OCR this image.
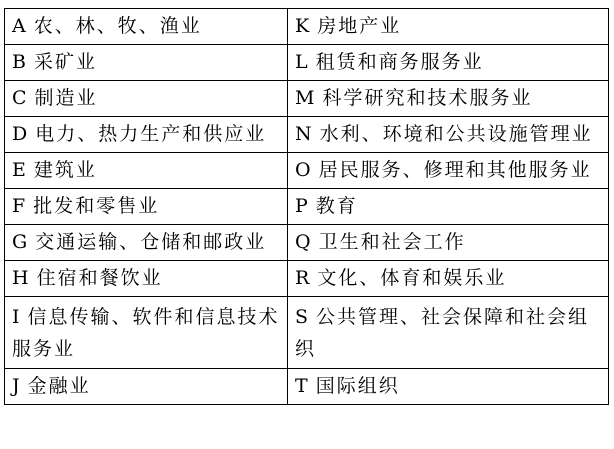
A 农、林、牧、渔业	K 房地产业
B 采矿业	L 租赁和商务服务业
C 制造业	M 科学研究和技术服务业
D 电力、热力生产和供应业	N 水利、环境和公共设施管理业
E 建筑业	O 居民服务、修理和其他服务业
F 批发和零售业	P 教育
G 交通运输、仓储和邮政业	Q 卫生和社会工作
H 住宿和餐饮业	R 文化、体育和娱乐业
I 信息传输、软件和信息技术服务业	S 公共管理、社会保障和社会组织
J 金融业	T 国际组织
